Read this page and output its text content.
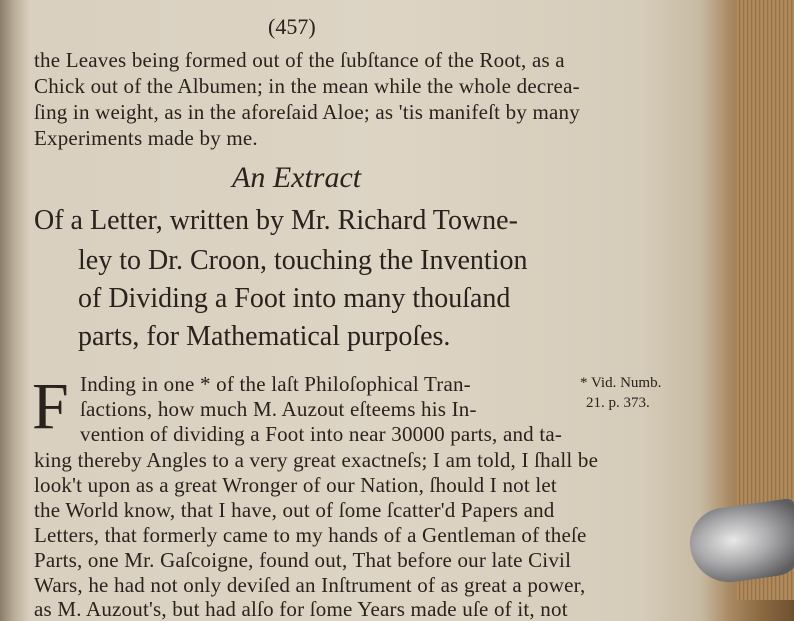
(457)
the Leaves being formed out of the ſubſtance of the Root, as a
Chick out of the Albumen; in the mean while the whole decrea-
ſing in weight, as in the aforeſaid Aloe; as 'tis manifeſt by many
Experiments made by me.
An Extract
Of a Letter, written by Mr. Richard Towne-
ley to Dr. Croon, touching the Invention
of Dividing a Foot into many thouſand
parts, for Mathematical purpoſes.
F Inding in one * of the laſt Philoſophical Tran-
ſactions, how much M. Auzout eſteems his In-
vention of dividing a Foot into near 30000 parts, and ta-
king thereby Angles to a very great exactneſs; I am told, I ſhall be
look't upon as a great Wronger of our Nation, ſhould I not let
the World know, that I have, out of ſome ſcatter'd Papers and
Letters, that formerly came to my hands of a Gentleman of theſe
Parts, one Mr. Gaſcoigne, found out, That before our late Civil
Wars, he had not only deviſed an Inſtrument of as great a power,
as M. Auzout's, but had alſo for ſome Years made uſe of it, not
* Vid. Numb.
21. p. 373.
